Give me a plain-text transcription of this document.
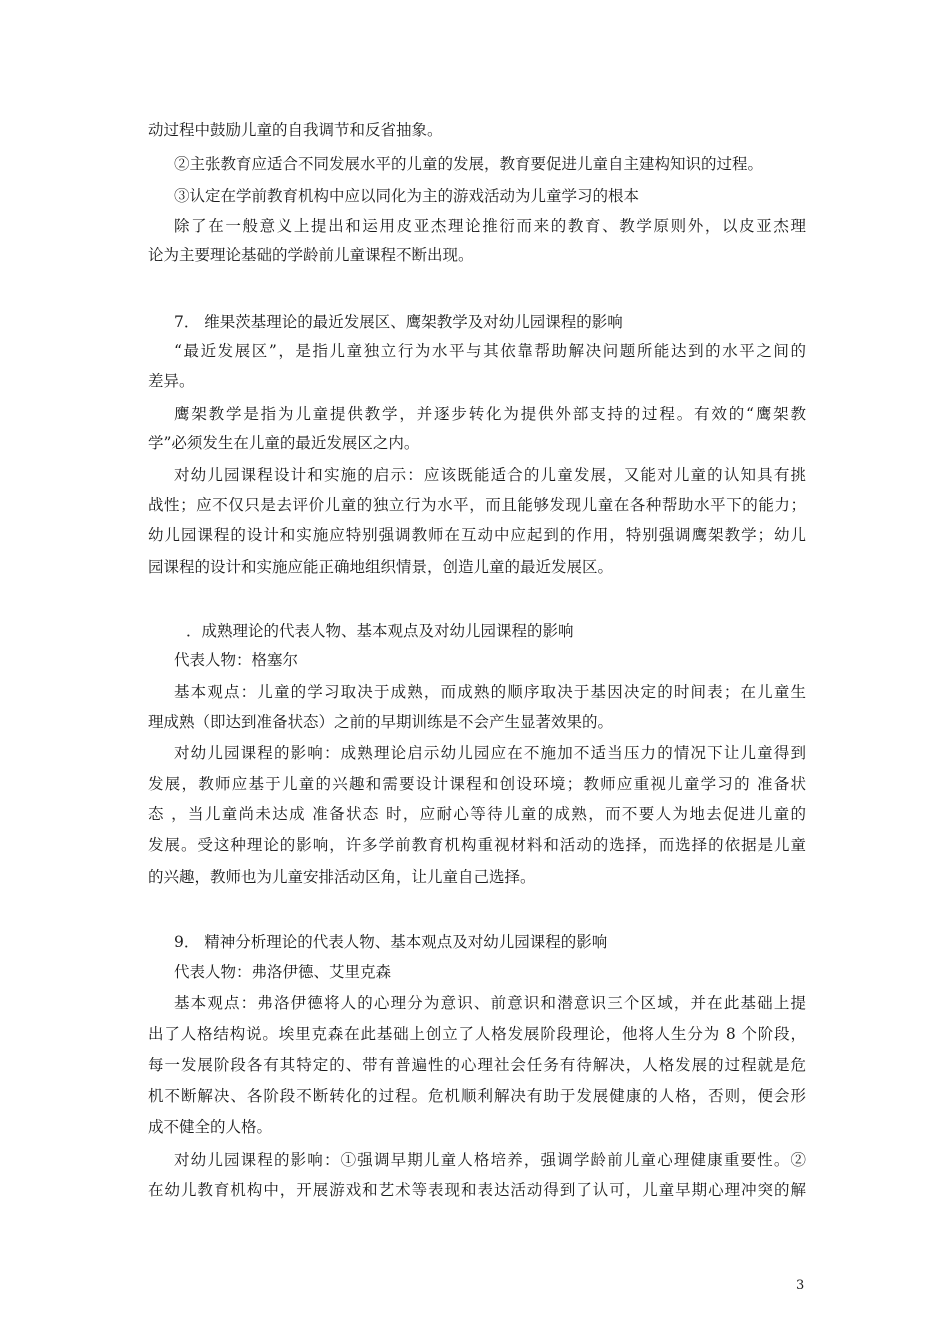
动过程中鼓励儿童的自我调节和反省抽象。
②主张教育应适合不同发展水平的儿童的发展，教育要促进儿童自主建构知识的过程。
③认定在学前教育机构中应以同化为主的游戏活动为儿童学习的根本
除了在一般意义上提出和运用皮亚杰理论推衍而来的教育、教学原则外，以皮亚杰理
论为主要理论基础的学龄前儿童课程不断出现。
7． 维果茨基理论的最近发展区、鹰架教学及对幼儿园课程的影响
“最近发展区”，是指儿童独立行为水平与其依靠帮助解决问题所能达到的水平之间的
差异。
鹰架教学是指为儿童提供教学，并逐步转化为提供外部支持的过程。有效的“鹰架教
学”必须发生在儿童的最近发展区之内。
对幼儿园课程设计和实施的启示：应该既能适合的儿童发展，又能对儿童的认知具有挑
战性；应不仅只是去评价儿童的独立行为水平，而且能够发现儿童在各种帮助水平下的能力；
幼儿园课程的设计和实施应特别强调教师在互动中应起到的作用，特别强调鹰架教学；幼儿
园课程的设计和实施应能正确地组织情景，创造儿童的最近发展区。
．成熟理论的代表人物、基本观点及对幼儿园课程的影响
代表人物：格塞尔
基本观点：儿童的学习取决于成熟，而成熟的顺序取决于基因决定的时间表；在儿童生
理成熟（即达到准备状态）之前的早期训练是不会产生显著效果的。
对幼儿园课程的影响：成熟理论启示幼儿园应在不施加不适当压力的情况下让儿童得到
发展，教师应基于儿童的兴趣和需要设计课程和创设环境；教师应重视儿童学习的 准备状
态 ，当儿童尚未达成 准备状态 时，应耐心等待儿童的成熟，而不要人为地去促进儿童的
发展。受这种理论的影响，许多学前教育机构重视材料和活动的选择，而选择的依据是儿童
的兴趣，教师也为儿童安排活动区角，让儿童自己选择。
9． 精神分析理论的代表人物、基本观点及对幼儿园课程的影响
代表人物：弗洛伊德、艾里克森
基本观点：弗洛伊德将人的心理分为意识、前意识和潜意识三个区域，并在此基础上提
出了人格结构说。埃里克森在此基础上创立了人格发展阶段理论，他将人生分为 8 个阶段，
每一发展阶段各有其特定的、带有普遍性的心理社会任务有待解决，人格发展的过程就是危
机不断解决、各阶段不断转化的过程。危机顺利解决有助于发展健康的人格，否则，便会形
成不健全的人格。
对幼儿园课程的影响：①强调早期儿童人格培养，强调学龄前儿童心理健康重要性。②
在幼儿教育机构中，开展游戏和艺术等表现和表达活动得到了认可，儿童早期心理冲突的解
3
